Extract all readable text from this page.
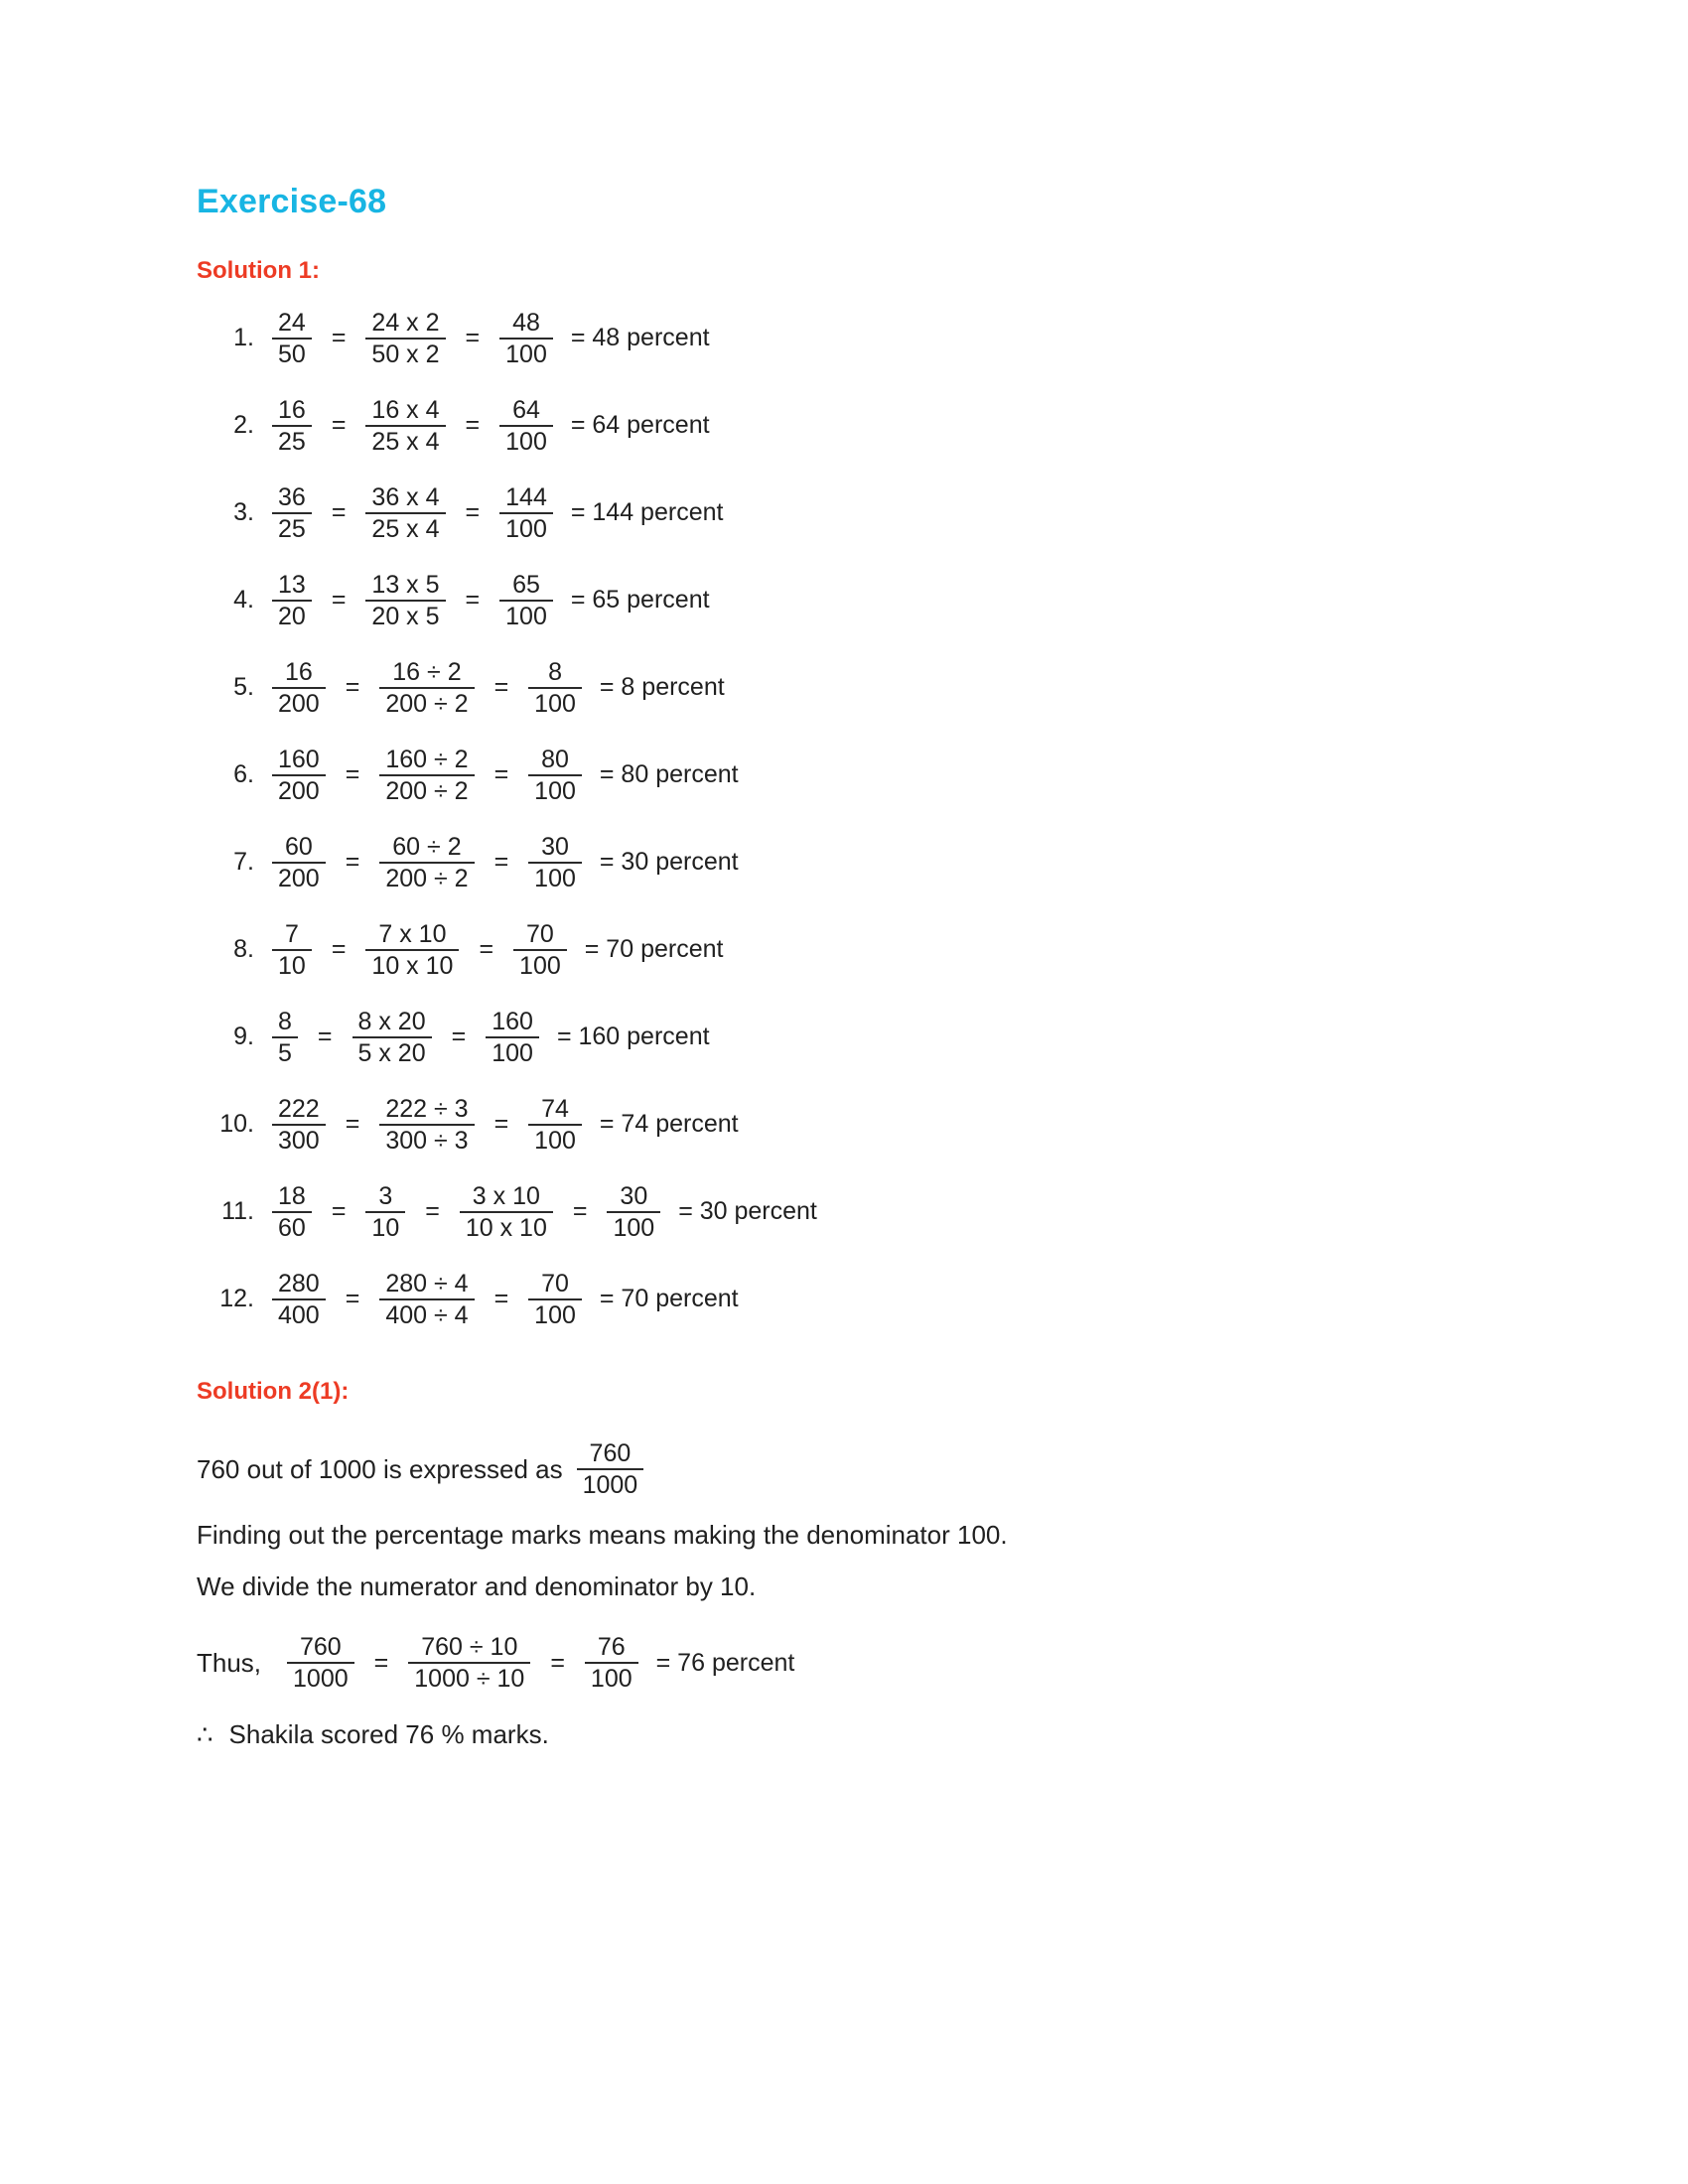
Exercise-68
Solution 1:
1. $\frac{24}{50} = \frac{24 x 2}{50 x 2} = \frac{48}{100} = 48$ percent
2. $\frac{16}{25} = \frac{16 x 4}{25 x 4} = \frac{64}{100} = 64$ percent
3. $\frac{36}{25} = \frac{36 x 4}{25 x 4} = \frac{144}{100} = 144$ percent
4. $\frac{13}{20} = \frac{13 x 5}{20 x 5} = \frac{65}{100} = 65$ percent
5. $\frac{16}{200} = \frac{16 \div 2}{200 \div 2} = \frac{8}{100} = 8$ percent
6. $\frac{160}{200} = \frac{160 \div 2}{200 \div 2} = \frac{80}{100} = 80$ percent
7. $\frac{60}{200} = \frac{60 \div 2}{200 \div 2} = \frac{30}{100} = 30$ percent
8. $\frac{7}{10} = \frac{7 x 10}{10 x 10} = \frac{70}{100} = 70$ percent
9. $\frac{8}{5} = \frac{8 x 20}{5 x 20} = \frac{160}{100} = 160$ percent
10. $\frac{222}{300} = \frac{222 \div 3}{300 \div 3} = \frac{74}{100} = 74$ percent
11. $\frac{18}{60} = \frac{3}{10} = \frac{3 x 10}{10 x 10} = \frac{30}{100} = 30$ percent
12. $\frac{280}{400} = \frac{280 \div 4}{400 \div 4} = \frac{70}{100} = 70$ percent
Solution 2(1):
760 out of 1000 is expressed as $\frac{760}{1000}$
Finding out the percentage marks means making the denominator 100.
We divide the numerator and denominator by 10.
Thus, $\frac{760}{1000} = \frac{760 \div 10}{1000 \div 10} = \frac{76}{100} = 76$ percent
∴ Shakila scored 76 % marks.
